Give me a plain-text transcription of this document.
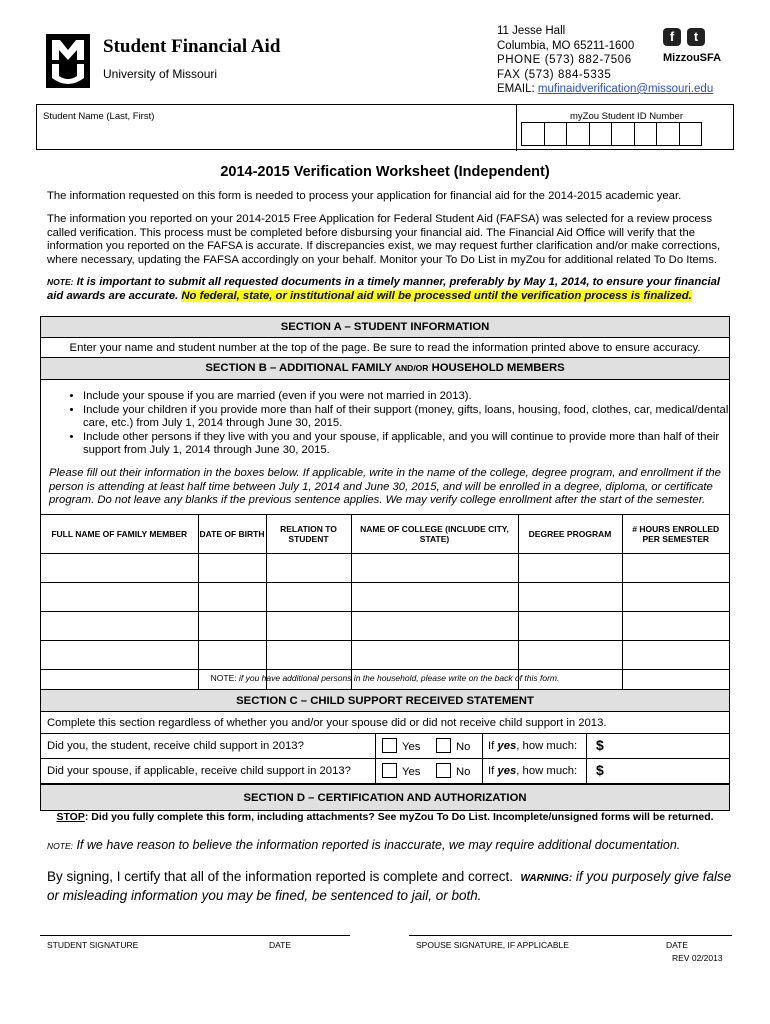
Student Financial Aid
University of Missouri
11 Jesse Hall
Columbia, MO 65211-1600
PHONE (573) 882-7506
FAX (573) 884-5335
EMAIL: mufinaidverification@missouri.edu
f t
MizzouSFA
Student Name (Last, First)	myZou Student ID Number
2014-2015 Verification Worksheet (Independent)
The information requested on this form is needed to process your application for financial aid for the 2014-2015 academic year.
The information you reported on your 2014-2015 Free Application for Federal Student Aid (FAFSA) was selected for a review process called verification. This process must be completed before disbursing your financial aid. The Financial Aid Office will verify that the information you reported on the FAFSA is accurate. If discrepancies exist, we may request further clarification and/or make corrections, where necessary, updating the FAFSA accordingly on your behalf. Monitor your To Do List in myZou for additional related To Do Items.
NOTE: It is important to submit all requested documents in a timely manner, preferably by May 1, 2014, to ensure your financial aid awards are accurate. No federal, state, or institutional aid will be processed until the verification process is finalized.
SECTION A – STUDENT INFORMATION
Enter your name and student number at the top of the page. Be sure to read the information printed above to ensure accuracy.
SECTION B – ADDITIONAL FAMILY AND/OR HOUSEHOLD MEMBERS
• Include your spouse if you are married (even if you were not married in 2013).
• Include your children if you provide more than half of their support (money, gifts, loans, housing, food, clothes, car, medical/dental care, etc.) from July 1, 2014 through June 30, 2015.
• Include other persons if they live with you and your spouse, if applicable, and you will continue to provide more than half of their support from July 1, 2014 through June 30, 2015.
Please fill out their information in the boxes below. If applicable, write in the name of the college, degree program, and enrollment if the person is attending at least half time between July 1, 2014 and June 30, 2015, and will be enrolled in a degree, diploma, or certificate program. Do not leave any blanks if the previous sentence applies. We may verify college enrollment after the start of the semester.
FULL NAME OF FAMILY MEMBER	DATE OF BIRTH	RELATION TO STUDENT	NAME OF COLLEGE (INCLUDE CITY, STATE)	DEGREE PROGRAM	# HOURS ENROLLED PER SEMESTER

NOTE: if you have additional persons in the household, please write on the back of this form.
SECTION C – CHILD SUPPORT RECEIVED STATEMENT
Complete this section regardless of whether you and/or your spouse did or did not receive child support in 2013.
Did you, the student, receive child support in 2013?	Yes	No If yes, how much: $
Did your spouse, if applicable, receive child support in 2013?	Yes	No If yes, how much: $
SECTION D – CERTIFICATION AND AUTHORIZATION
STOP: Did you fully complete this form, including attachments? See myZou To Do List. Incomplete/unsigned forms will be returned.
NOTE: If we have reason to believe the information reported is inaccurate, we may require additional documentation.
By signing, I certify that all of the information reported is complete and correct. WARNING: if you purposely give false or misleading information you may be fined, be sentenced to jail, or both.
STUDENT SIGNATURE	DATE	SPOUSE SIGNATURE, IF APPLICABLE	DATE
REV 02/2013
